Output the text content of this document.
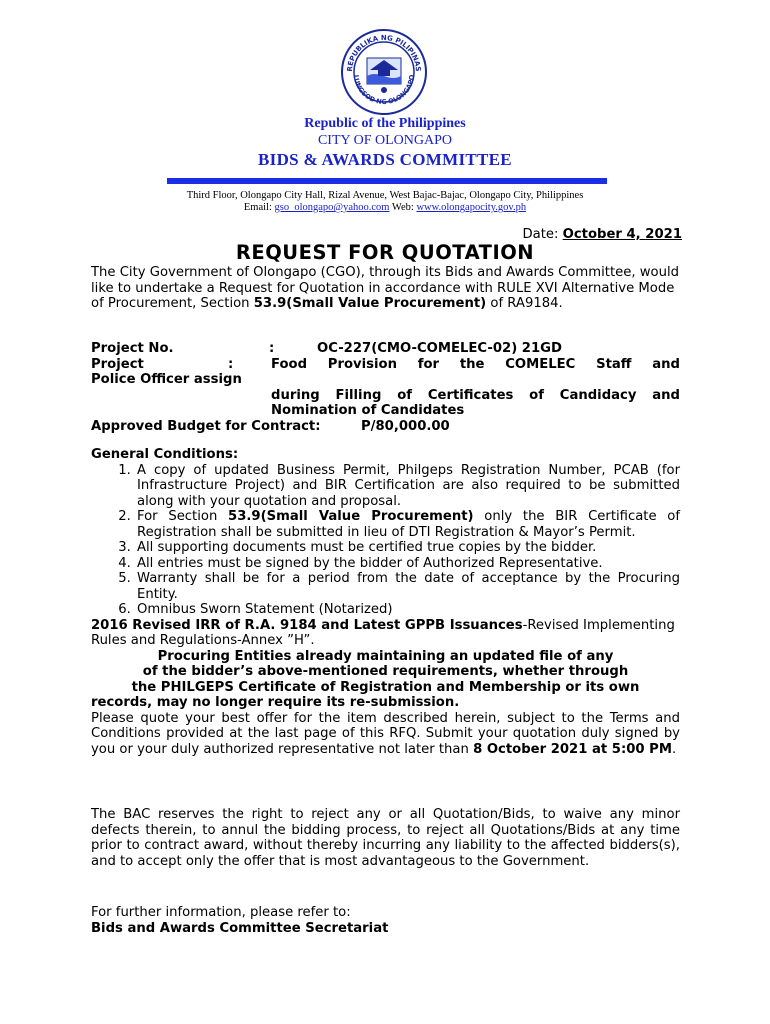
REPUBLIKA NG PILIPINAS
LUNGSOD NG OLONGAPO
Republic of the Philippines
CITY OF OLONGAPO
BIDS & AWARDS COMMITTEE
Third Floor, Olongapo City Hall, Rizal Avenue, West Bajac-Bajac, Olongapo City, Philippines
Email: gso_olongapo@yahoo.com Web: www.olongapocity.gov.ph
Date: October 4, 2021
REQUEST FOR QUOTATION
The City Government of Olongapo (CGO), through its Bids and Awards Committee, would like to undertake a Request for Quotation in accordance with RULE XVI Alternative Mode of Procurement, Section 53.9(Small Value Procurement) of RA9184.
Project No.	:	OC-227(CMO-COMELEC-02) 21GD
Project	:	Food Provision for the COMELEC Staff and
Police Officer assign
during Filling of Certificates of Candidacy and
Nomination of Candidates
Approved Budget for Contract:	P/80,000.00
General Conditions:
1. A copy of updated Business Permit, Philgeps Registration Number, PCAB (for Infrastructure Project) and BIR Certification are also required to be submitted along with your quotation and proposal.
2. For Section 53.9(Small Value Procurement) only the BIR Certificate of Registration shall be submitted in lieu of DTI Registration & Mayor’s Permit.
3. All supporting documents must be certified true copies by the bidder.
4. All entries must be signed by the bidder of Authorized Representative.
5. Warranty shall be for a period from the date of acceptance by the Procuring Entity.
6. Omnibus Sworn Statement (Notarized)
2016 Revised IRR of R.A. 9184 and Latest GPPB Issuances-Revised Implementing Rules and Regulations-Annex ”H”.
Procuring Entities already maintaining an updated file of any
of the bidder’s above-mentioned requirements, whether through
the PHILGEPS Certificate of Registration and Membership or its own
records, may no longer require its re-submission.
Please quote your best offer for the item described herein, subject to the Terms and Conditions provided at the last page of this RFQ. Submit your quotation duly signed by you or your duly authorized representative not later than 8 October 2021 at 5:00 PM.
The BAC reserves the right to reject any or all Quotation/Bids, to waive any minor defects therein, to annul the bidding process, to reject all Quotations/Bids at any time prior to contract award, without thereby incurring any liability to the affected bidders(s), and to accept only the offer that is most advantageous to the Government.
For further information, please refer to:
Bids and Awards Committee Secretariat
